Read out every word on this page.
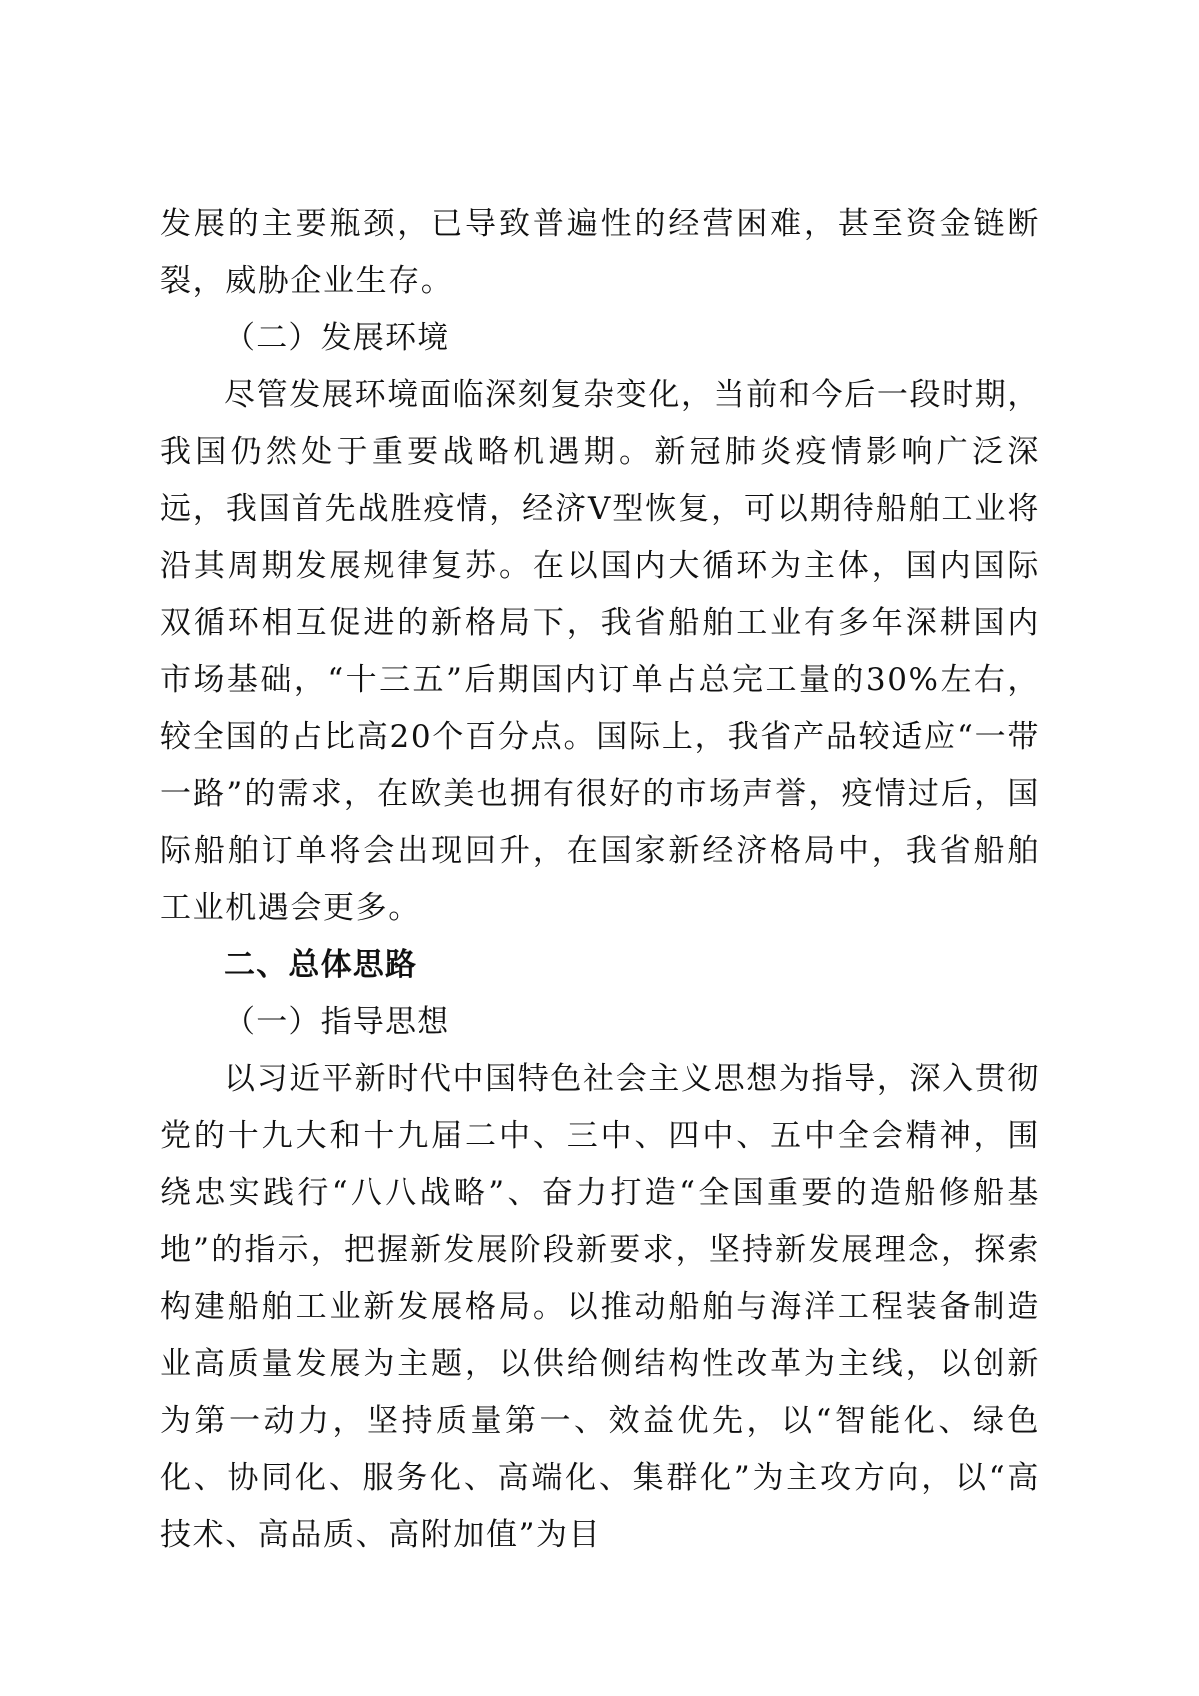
发展的主要瓶颈，已导致普遍性的经营困难，甚至资金链断裂，威胁企业生存。

（二）发展环境

尽管发展环境面临深刻复杂变化，当前和今后一段时期，我国仍然处于重要战略机遇期。新冠肺炎疫情影响广泛深远，我国首先战胜疫情，经济V型恢复，可以期待船舶工业将沿其周期发展规律复苏。在以国内大循环为主体，国内国际双循环相互促进的新格局下，我省船舶工业有多年深耕国内市场基础，“十三五”后期国内订单占总完工量的30%左右，较全国的占比高20个百分点。国际上，我省产品较适应“一带一路”的需求，在欧美也拥有很好的市场声誉，疫情过后，国际船舶订单将会出现回升，在国家新经济格局中，我省船舶工业机遇会更多。

二、总体思路

（一）指导思想

以习近平新时代中国特色社会主义思想为指导，深入贯彻党的十九大和十九届二中、三中、四中、五中全会精神，围绕忠实践行“八八战略”、奋力打造“全国重要的造船修船基地”的指示，把握新发展阶段新要求，坚持新发展理念，探索构建船舶工业新发展格局。以推动船舶与海洋工程装备制造业高质量发展为主题，以供给侧结构性改革为主线，以创新为第一动力，坚持质量第一、效益优先，以“智能化、绿色化、协同化、服务化、高端化、集群化”为主攻方向，以“高技术、高品质、高附加值”为目
